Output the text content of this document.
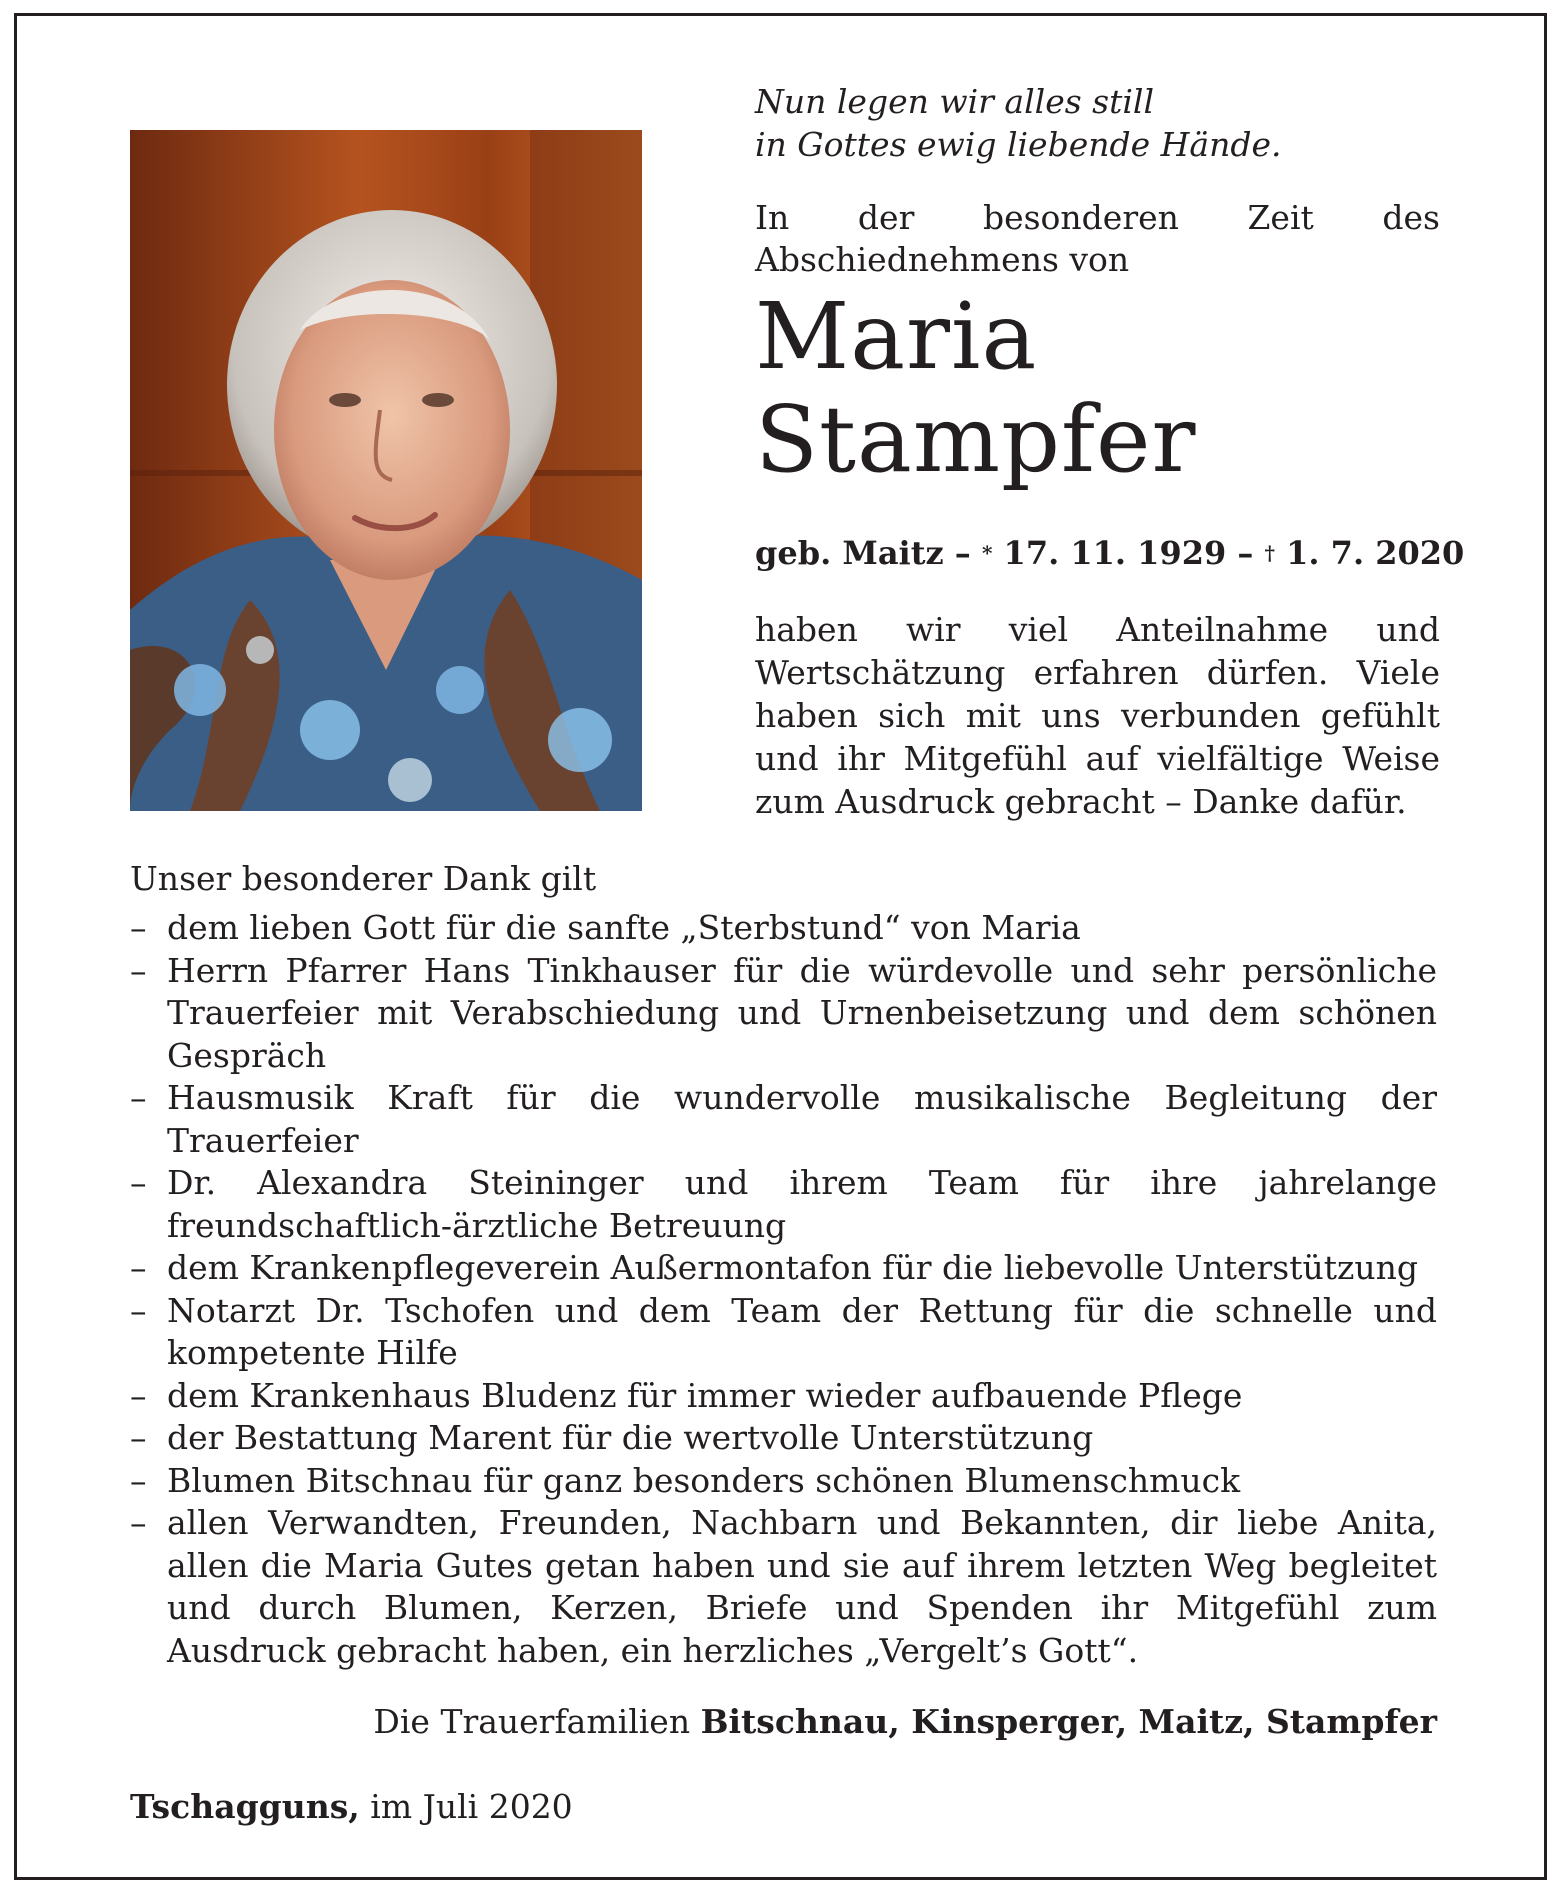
Nun legen wir alles still
in Gottes ewig liebende Hände.
In der besonderen Zeit des Abschiednehmens von
Maria
Stampfer
geb. Maitz – * 17. 11. 1929 – † 1. 7. 2020
haben wir viel Anteilnahme und Wertschätzung erfahren dürfen. Viele haben sich mit uns verbunden gefühlt und ihr Mitgefühl auf vielfältige Weise zum Ausdruck gebracht – Danke dafür.
Unser besonderer Dank gilt
– dem lieben Gott für die sanfte „Sterbstund“ von Maria
– Herrn Pfarrer Hans Tinkhauser für die würdevolle und sehr persönliche Trauerfeier mit Verabschiedung und Urnenbeisetzung und dem schönen Gespräch
– Hausmusik Kraft für die wundervolle musikalische Begleitung der Trauerfeier
– Dr. Alexandra Steininger und ihrem Team für ihre jahrelange freundschaftlich-ärztliche Betreuung
– dem Krankenpflegeverein Außermontafon für die liebevolle Unterstützung
– Notarzt Dr. Tschofen und dem Team der Rettung für die schnelle und kompetente Hilfe
– dem Krankenhaus Bludenz für immer wieder aufbauende Pflege
– der Bestattung Marent für die wertvolle Unterstützung
– Blumen Bitschnau für ganz besonders schönen Blumenschmuck
– allen Verwandten, Freunden, Nachbarn und Bekannten, dir liebe Anita, allen die Maria Gutes getan haben und sie auf ihrem letzten Weg begleitet und durch Blumen, Kerzen, Briefe und Spenden ihr Mitgefühl zum Ausdruck gebracht haben, ein herzliches „Vergelt’s Gott“.
Die Trauerfamilien Bitschnau, Kinsperger, Maitz, Stampfer
Tschagguns, im Juli 2020
